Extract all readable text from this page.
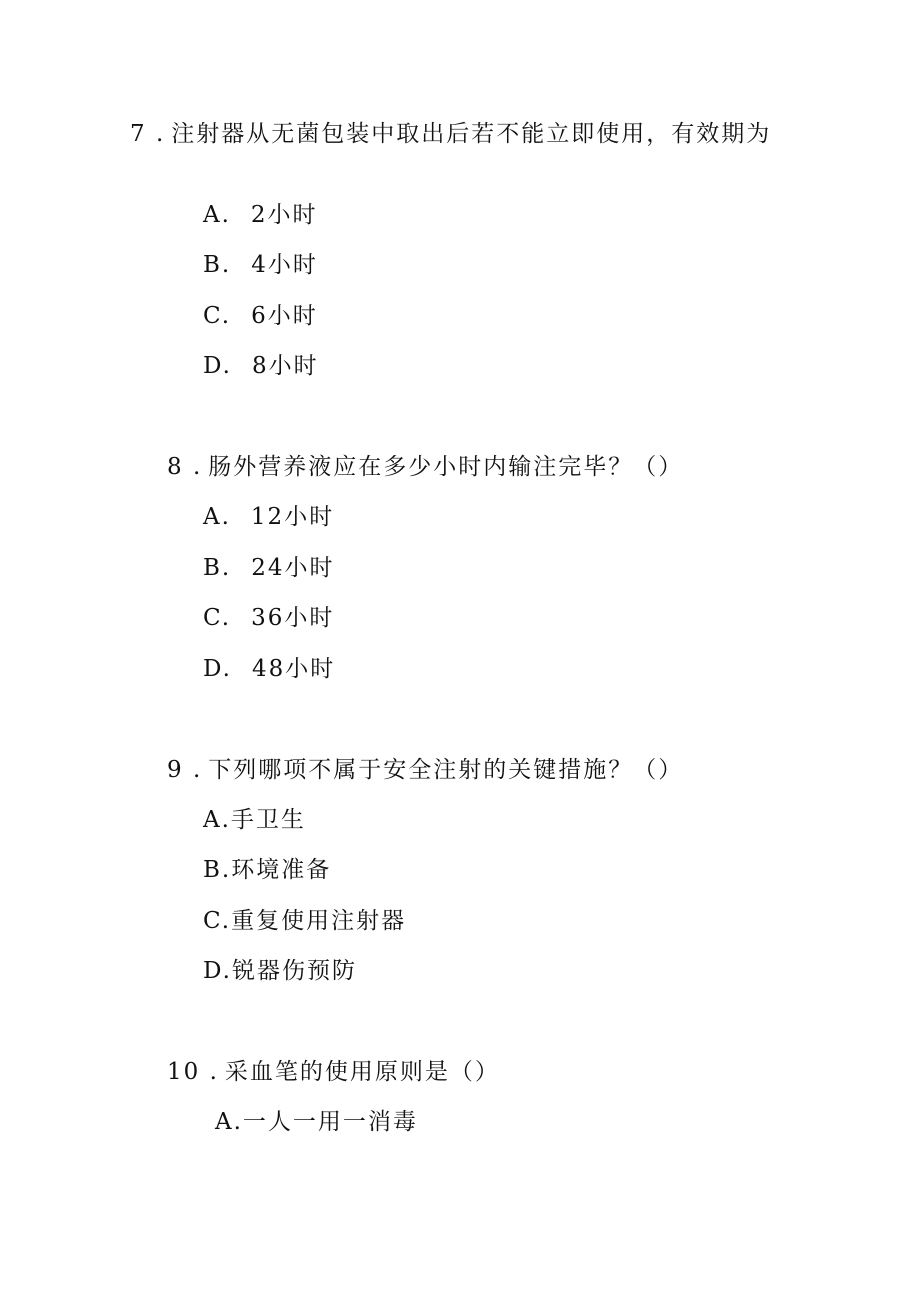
7 . 注射器从无菌包装中取出后若不能立即使用，有效期为
A. 2小时
B. 4小时
C. 6小时
D. 8小时
8 . 肠外营养液应在多少小时内输注完毕？（）
A. 12小时
B. 24小时
C. 36小时
D. 48小时
9 . 下列哪项不属于安全注射的关键措施？（）
A.手卫生
B.环境准备
C.重复使用注射器
D.锐器伤预防
10 . 采血笔的使用原则是（）
A.一人一用一消毒
